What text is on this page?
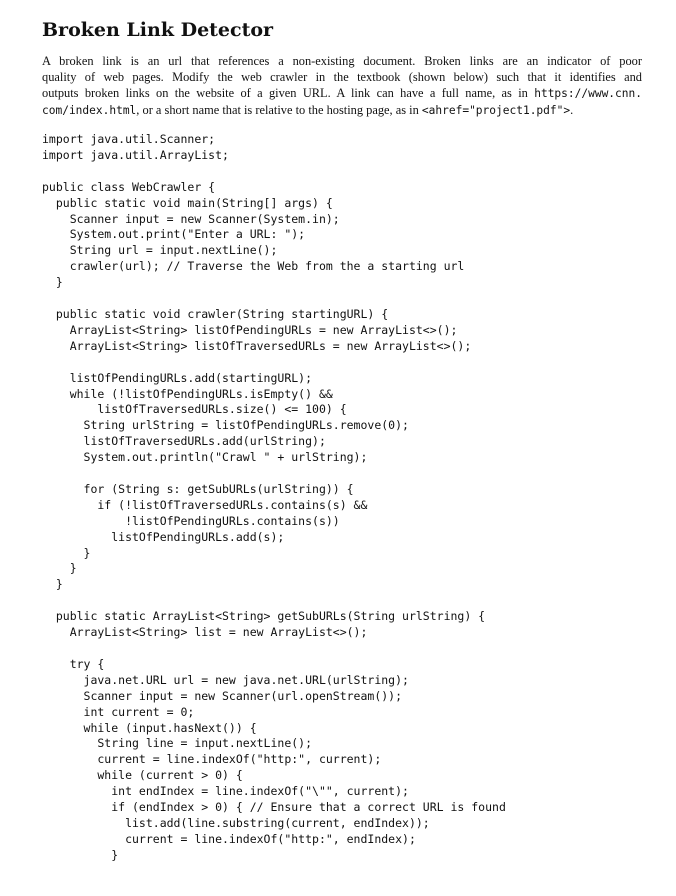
Broken Link Detector
A broken link is an url that references a non-existing document. Broken links are an indicator of poor
quality of web pages. Modify the web crawler in the textbook (shown below) such that it identifies and
outputs broken links on the website of a given URL. A link can have a full name, as in https://www.cnn.
com/index.html, or a short name that is relative to the hosting page, as in <ahref="project1.pdf">.
import java.util.Scanner;
import java.util.ArrayList;

public class WebCrawler {
public static void main(String[] args) {
Scanner input = new Scanner(System.in);
System.out.print("Enter a URL: ");
String url = input.nextLine();
crawler(url); // Traverse the Web from the a starting url
}

public static void crawler(String startingURL) {
ArrayList<String> listOfPendingURLs = new ArrayList<>();
ArrayList<String> listOfTraversedURLs = new ArrayList<>();

listOfPendingURLs.add(startingURL);
while (!listOfPendingURLs.isEmpty() &&
listOfTraversedURLs.size() <= 100) {
String urlString = listOfPendingURLs.remove(0);
listOfTraversedURLs.add(urlString);
System.out.println("Crawl " + urlString);

for (String s: getSubURLs(urlString)) {
if (!listOfTraversedURLs.contains(s) &&
!listOfPendingURLs.contains(s))
listOfPendingURLs.add(s);
}
}
}

public static ArrayList<String> getSubURLs(String urlString) {
ArrayList<String> list = new ArrayList<>();

try {
java.net.URL url = new java.net.URL(urlString);
Scanner input = new Scanner(url.openStream());
int current = 0;
while (input.hasNext()) {
String line = input.nextLine();
current = line.indexOf("http:", current);
while (current > 0) {
int endIndex = line.indexOf("\"", current);
if (endIndex > 0) { // Ensure that a correct URL is found
list.add(line.substring(current, endIndex));
current = line.indexOf("http:", endIndex);
}
